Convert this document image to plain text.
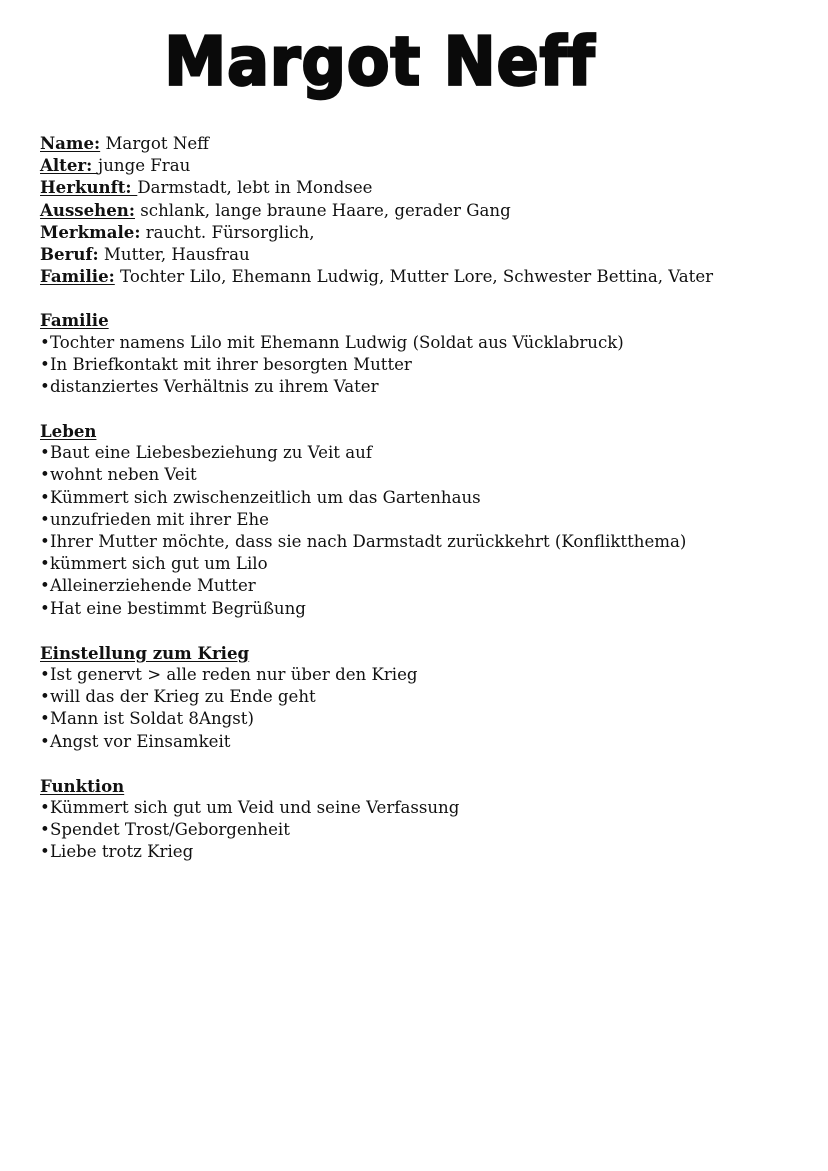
Margot Neff
Name: Margot Neff
Alter: junge Frau
Herkunft: Darmstadt, lebt in Mondsee
Aussehen: schlank, lange braune Haare, gerader Gang
Merkmale: raucht. Fürsorglich,
Beruf: Mutter, Hausfrau
Familie: Tochter Lilo, Ehemann Ludwig, Mutter Lore, Schwester Bettina, Vater
Familie
•Tochter namens Lilo mit Ehemann Ludwig (Soldat aus Vücklabruck)
•In Briefkontakt mit ihrer besorgten Mutter
•distanziertes Verhältnis zu ihrem Vater
Leben
•Baut eine Liebesbeziehung zu Veit auf
•wohnt neben Veit
•Kümmert sich zwischenzeitlich um das Gartenhaus
•unzufrieden mit ihrer Ehe
•Ihrer Mutter möchte, dass sie nach Darmstadt zurückkehrt (Konfliktthema)
•kümmert sich gut um Lilo
•Alleinerziehende Mutter
•Hat eine bestimmt Begrüßung
Einstellung zum Krieg
•Ist genervt > alle reden nur über den Krieg
•will das der Krieg zu Ende geht
•Mann ist Soldat 8Angst)
•Angst vor Einsamkeit
Funktion
•Kümmert sich gut um Veid und seine Verfassung
•Spendet Trost/Geborgenheit
•Liebe trotz Krieg
